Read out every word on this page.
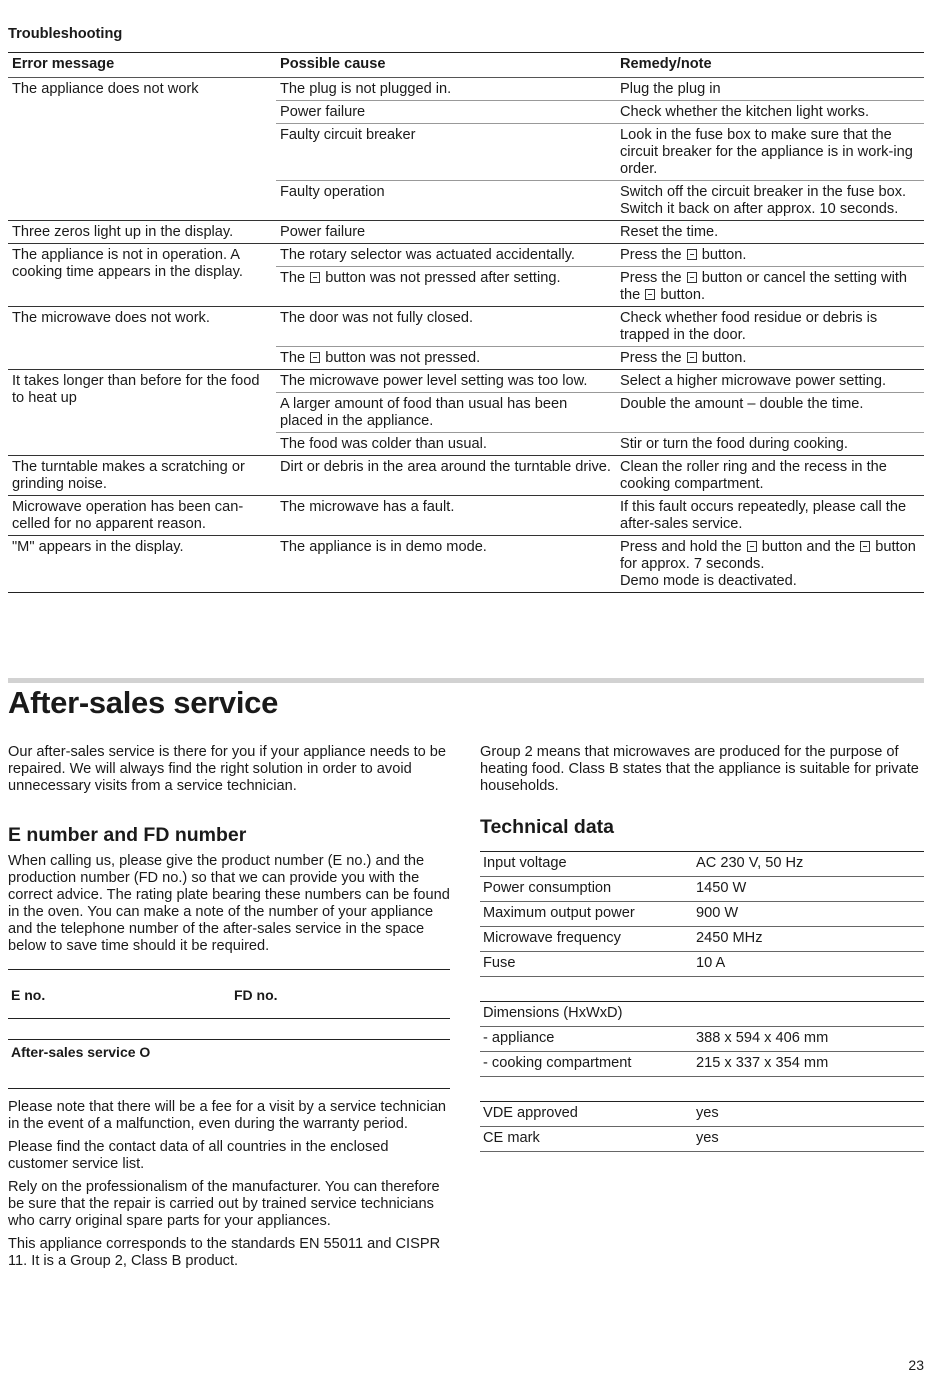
Troubleshooting
Error message	Possible cause	Remedy/note
The appliance does not work	The plug is not plugged in.	Plug the plug in
	Power failure	Check whether the kitchen light works.
	Faulty circuit breaker	Look in the fuse box to make sure that the circuit breaker for the appliance is in work-ing order.
	Faulty operation	Switch off the circuit breaker in the fuse box. Switch it back on after approx. 10 seconds.
Three zeros light up in the display.	Power failure	Reset the time.
The appliance is not in operation. A cooking time appears in the display.	The rotary selector was actuated accidentally.	Press the  button.
	The  button was not pressed after setting.	Press the  button or cancel the setting with the  button.
The microwave does not work.	The door was not fully closed.	Check whether food residue or debris is trapped in the door.
	The  button was not pressed.	Press the  button.
It takes longer than before for the food to heat up	The microwave power level setting was too low.	Select a higher microwave power setting.
	A larger amount of food than usual has been placed in the appliance.	Double the amount – double the time.
	The food was colder than usual.	Stir or turn the food during cooking.
The turntable makes a scratching or grinding noise.	Dirt or debris in the area around the turntable drive.	Clean the roller ring and the recess in the cooking compartment.
Microwave operation has been can-celled for no apparent reason.	The microwave has a fault.	If this fault occurs repeatedly, please call the after-sales service.
"M" appears in the display.	The appliance is in demo mode.	Press and hold the  button and the  button for approx. 7 seconds.
Demo mode is deactivated.
After-sales service

Our after-sales service is there for you if your appliance needs to be repaired. We will always find the right solution in order to avoid unnecessary visits from a service technician.

E number and FD number

When calling us, please give the product number (E no.) and the production number (FD no.) so that we can provide you with the correct advice. The rating plate bearing these numbers can be found in the oven. You can make a note of the number of your appliance and the telephone number of the after-sales service in the space below to save time should it be required.

E no.	FD no.
After-sales service O

Please note that there will be a fee for a visit by a service technician in the event of a malfunction, even during the warranty period.

Please find the contact data of all countries in the enclosed customer service list.

Rely on the professionalism of the manufacturer. You can therefore be sure that the repair is carried out by trained service technicians who carry original spare parts for your appliances.

This appliance corresponds to the standards EN 55011 and CISPR 11. It is a Group 2, Class B product.

Group 2 means that microwaves are produced for the purpose of heating food. Class B states that the appliance is suitable for private households.

Technical data
Input voltage	AC 230 V, 50 Hz
Power consumption	1450 W
Maximum output power	900 W
Microwave frequency	2450 MHz
Fuse	10 A

Dimensions (HxWxD)	
- appliance	388 x 594 x 406 mm
- cooking compartment	215 x 337 x 354 mm

VDE approved	yes
CE mark	yes
23
